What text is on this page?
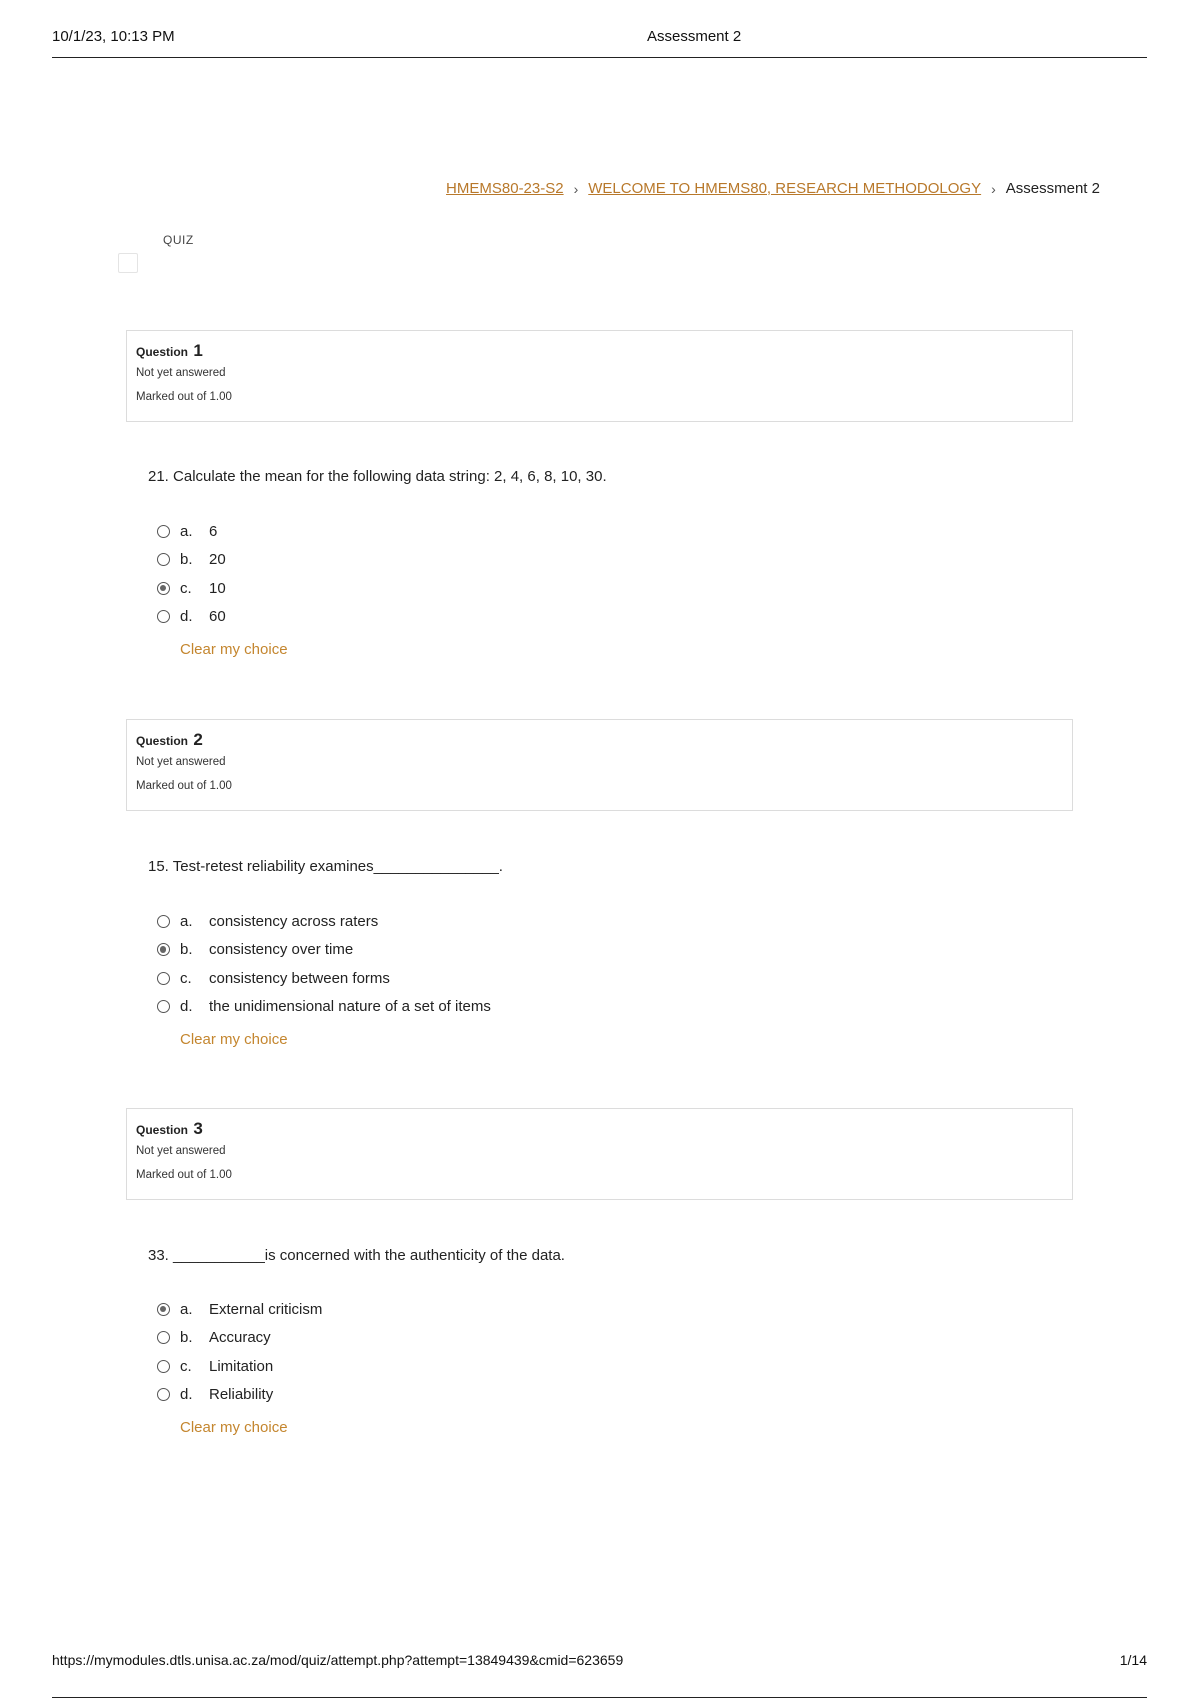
10/1/23, 10:13 PM	Assessment 2
HMEMS80-23-S2 › WELCOME TO HMEMS80, RESEARCH METHODOLOGY › Assessment 2
QUIZ
Question 1
Not yet answered
Marked out of 1.00
21. Calculate the mean for the following data string: 2, 4, 6, 8, 10, 30.
a.	6
b.	20
c.	10
d.	60
Clear my choice
Question 2
Not yet answered
Marked out of 1.00
15. Test-retest reliability examines_______________.
a.	consistency across raters
b.	consistency over time
c.	consistency between forms
d.	the unidimensional nature of a set of items
Clear my choice
Question 3
Not yet answered
Marked out of 1.00
33. ___________is concerned with the authenticity of the data.
a.	External criticism
b.	Accuracy
c.	Limitation
d.	Reliability
Clear my choice
https://mymodules.dtls.unisa.ac.za/mod/quiz/attempt.php?attempt=13849439&cmid=623659	1/14
